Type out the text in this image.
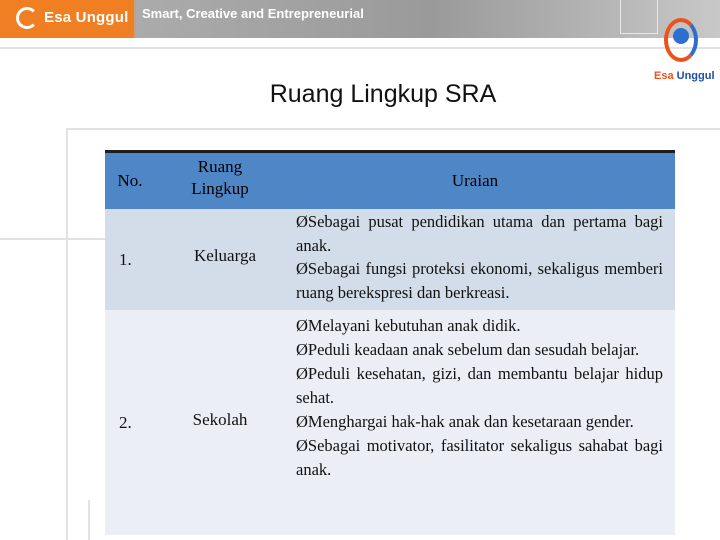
Esa Unggul Smart, Creative and Entrepreneurial
Esa Unggul
Ruang Lingkup SRA
No.	Uraian
1.
2.
Keluarga
Sekolah
Ruang Lingkup

ØSebagai pusat pendidikan utama dan pertama bagi anak.

ØSebagai fungsi proteksi ekonomi, sekaligus memberi ruang berekspresi dan berkreasi.

ØMelayani kebutuhan anak didik.

ØPeduli keadaan anak sebelum dan sesudah belajar.

ØPeduli kesehatan, gizi, dan membantu belajar hidup sehat.

ØMenghargai hak-hak anak dan kesetaraan gender.

ØSebagai motivator, fasilitator sekaligus sahabat bagi anak.
